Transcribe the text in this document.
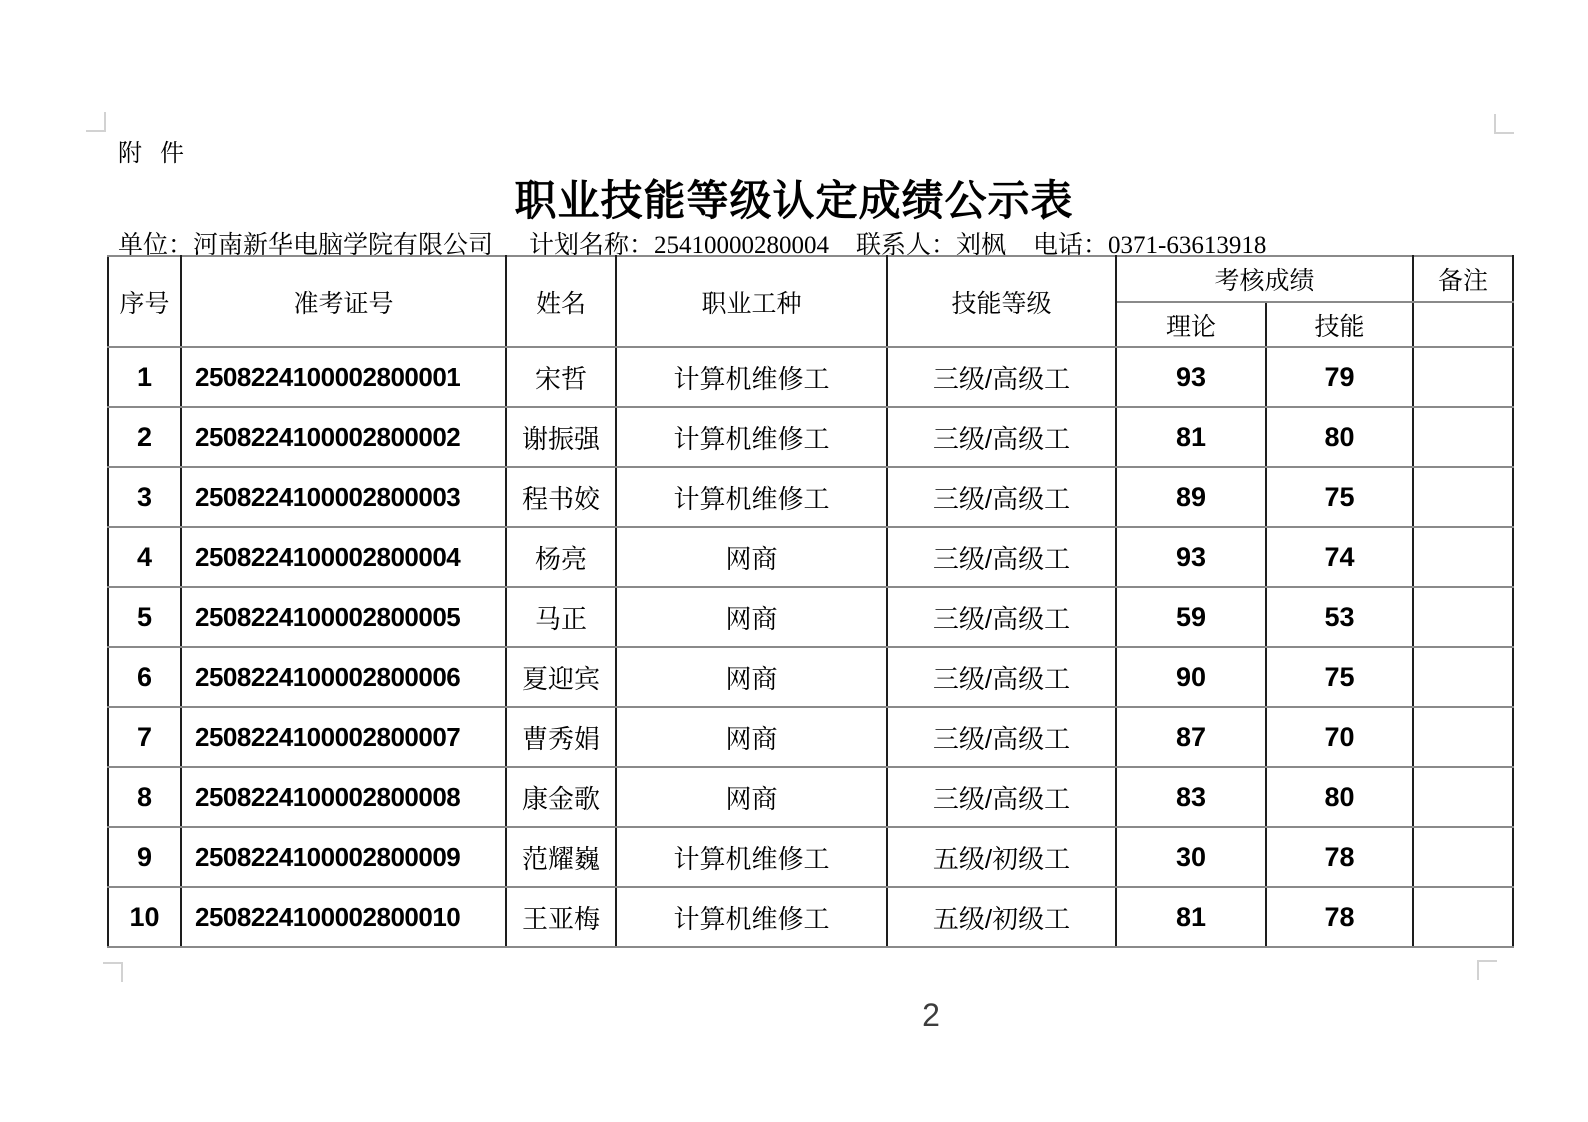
附  件
职业技能等级认定成绩公示表
单位：河南新华电脑学院有限公司 计划名称：25410000280004 联系人：刘枫 电话：0371-63613918
序号	准考证号	姓名	职业工种	技能等级	考核成绩		备注
					理论	技能	
1	2508224100002800001	宋哲	计算机维修工	三级/高级工	93	79	
2	2508224100002800002	谢振强	计算机维修工	三级/高级工	81	80	
3	2508224100002800003	程书姣	计算机维修工	三级/高级工	89	75	
4	2508224100002800004	杨亮	网商	三级/高级工	93	74	
5	2508224100002800005	马正	网商	三级/高级工	59	53	
6	2508224100002800006	夏迎宾	网商	三级/高级工	90	75	
7	2508224100002800007	曹秀娟	网商	三级/高级工	87	70	
8	2508224100002800008	康金歌	网商	三级/高级工	83	80	
9	2508224100002800009	范耀巍	计算机维修工	五级/初级工	30	78	
10	2508224100002800010	王亚梅	计算机维修工	五级/初级工	81	78	
2
